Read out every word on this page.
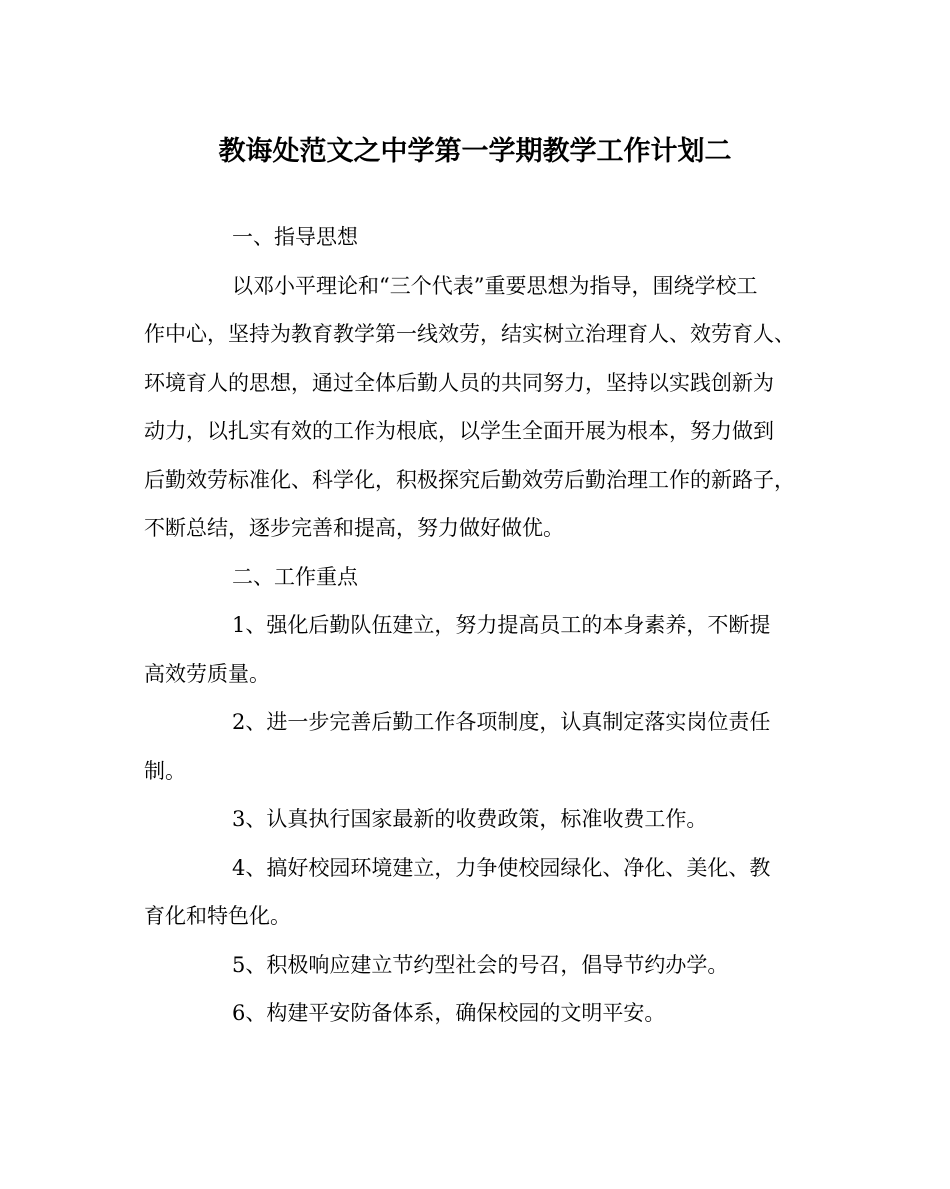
教诲处范文之中学第一学期教学工作计划二
一、指导思想
以邓小平理论和“三个代表”重要思想为指导，围绕学校工
作中心，坚持为教育教学第一线效劳，结实树立治理育人、效劳育人、
环境育人的思想，通过全体后勤人员的共同努力，坚持以实践创新为
动力，以扎实有效的工作为根底，以学生全面开展为根本，努力做到
后勤效劳标准化、科学化，积极探究后勤效劳后勤治理工作的新路子，
不断总结，逐步完善和提高，努力做好做优。
二、工作重点
1、强化后勤队伍建立，努力提高员工的本身素养，不断提
高效劳质量。
2、进一步完善后勤工作各项制度，认真制定落实岗位责任
制。
3、认真执行国家最新的收费政策，标准收费工作。
4、搞好校园环境建立，力争使校园绿化、净化、美化、教
育化和特色化。
5、积极响应建立节约型社会的号召，倡导节约办学。
6、构建平安防备体系，确保校园的文明平安。
